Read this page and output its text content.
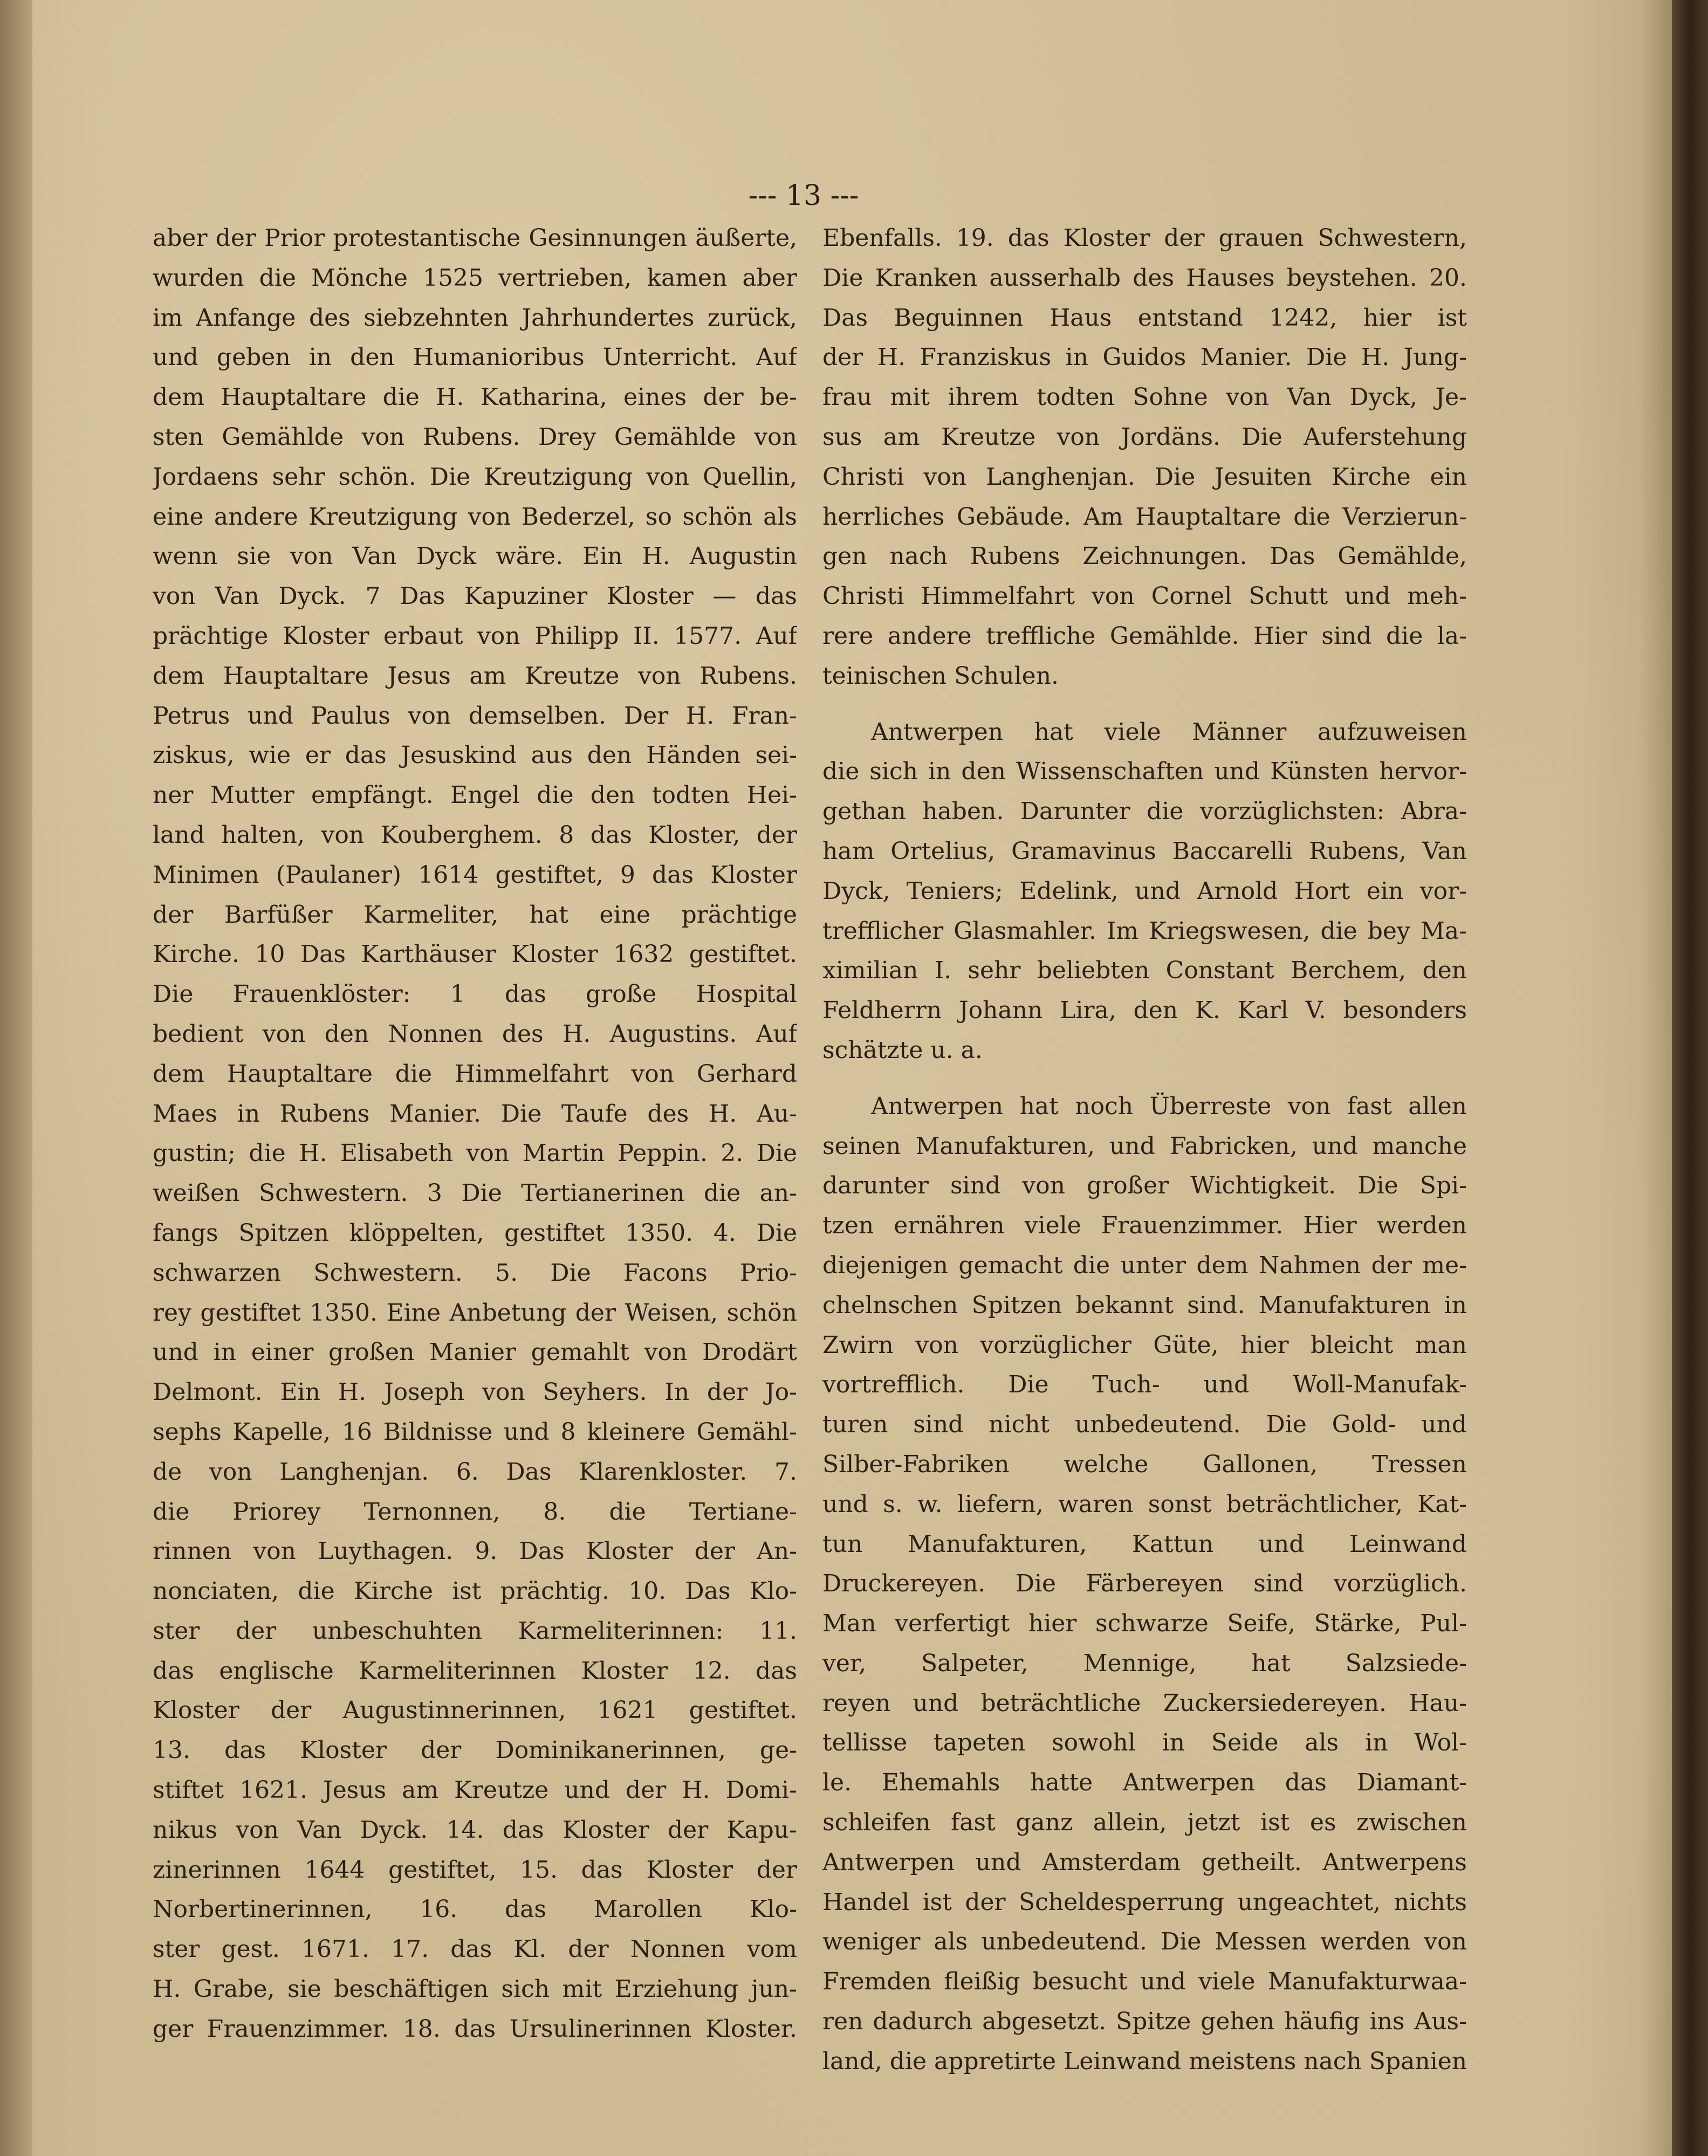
--- 13 ---
aber der Prior protestantische Gesinnungen äußerte,
wurden die Mönche 1525 vertrieben, kamen aber
im Anfange des siebzehnten Jahrhundertes zurück,
und geben in den Humanioribus Unterricht. Auf
dem Hauptaltare die H. Katharina, eines der be-
sten Gemählde von Rubens. Drey Gemählde von
Jordaens sehr schön. Die Kreutzigung von Quellin,
eine andere Kreutzigung von Bederzel, so schön als
wenn sie von Van Dyck wäre. Ein H. Augustin
von Van Dyck. 7 Das Kapuziner Kloster — das
prächtige Kloster erbaut von Philipp II. 1577. Auf
dem Hauptaltare Jesus am Kreutze von Rubens.
Petrus und Paulus von demselben. Der H. Fran-
ziskus, wie er das Jesuskind aus den Händen sei-
ner Mutter empfängt. Engel die den todten Hei-
land halten, von Kouberghem. 8 das Kloster, der
Minimen (Paulaner) 1614 gestiftet, 9 das Kloster
der Barfüßer Karmeliter, hat eine prächtige
Kirche. 10 Das Karthäuser Kloster 1632 gestiftet.
Die Frauenklöster: 1 das große Hospital
bedient von den Nonnen des H. Augustins. Auf
dem Hauptaltare die Himmelfahrt von Gerhard
Maes in Rubens Manier. Die Taufe des H. Au-
gustin; die H. Elisabeth von Martin Peppin. 2. Die
weißen Schwestern. 3 Die Tertianerinen die an-
fangs Spitzen klöppelten, gestiftet 1350. 4. Die
schwarzen Schwestern. 5. Die Facons Prio-
rey gestiftet 1350. Eine Anbetung der Weisen, schön
und in einer großen Manier gemahlt von Drodärt
Delmont. Ein H. Joseph von Seyhers. In der Jo-
sephs Kapelle, 16 Bildnisse und 8 kleinere Gemähl-
de von Langhenjan. 6. Das Klarenkloster. 7.
die Priorey Ternonnen, 8. die Tertiane-
rinnen von Luythagen. 9. Das Kloster der An-
nonciaten, die Kirche ist prächtig. 10. Das Klo-
ster der unbeschuhten Karmeliterinnen: 11.
das englische Karmeliterinnen Kloster 12. das
Kloster der Augustinnerinnen, 1621 gestiftet.
13. das Kloster der Dominikanerinnen, ge-
stiftet 1621. Jesus am Kreutze und der H. Domi-
nikus von Van Dyck. 14. das Kloster der Kapu-
zinerinnen 1644 gestiftet, 15. das Kloster der
Norbertinerinnen, 16. das Marollen Klo-
ster gest. 1671. 17. das Kl. der Nonnen vom
H. Grabe, sie beschäftigen sich mit Erziehung jun-
ger Frauenzimmer. 18. das Ursulinerinnen Kloster.
Ebenfalls. 19. das Kloster der grauen Schwestern,
Die Kranken ausserhalb des Hauses beystehen. 20.
Das Beguinnen Haus entstand 1242, hier ist
der H. Franziskus in Guidos Manier. Die H. Jung-
frau mit ihrem todten Sohne von Van Dyck, Je-
sus am Kreutze von Jordäns. Die Auferstehung
Christi von Langhenjan. Die Jesuiten Kirche ein
herrliches Gebäude. Am Hauptaltare die Verzierun-
gen nach Rubens Zeichnungen. Das Gemählde,
Christi Himmelfahrt von Cornel Schutt und meh-
rere andere treffliche Gemählde. Hier sind die la-
teinischen Schulen.
Antwerpen hat viele Männer aufzuweisen
die sich in den Wissenschaften und Künsten hervor-
gethan haben. Darunter die vorzüglichsten: Abra-
ham Ortelius, Gramavinus Baccarelli Rubens, Van
Dyck, Teniers; Edelink, und Arnold Hort ein vor-
trefflicher Glasmahler. Im Kriegswesen, die bey Ma-
ximilian I. sehr beliebten Constant Berchem, den
Feldherrn Johann Lira, den K. Karl V. besonders
schätzte u. a.
Antwerpen hat noch Überreste von fast allen
seinen Manufakturen, und Fabricken, und manche
darunter sind von großer Wichtigkeit. Die Spi-
tzen ernähren viele Frauenzimmer. Hier werden
diejenigen gemacht die unter dem Nahmen der me-
chelnschen Spitzen bekannt sind. Manufakturen in
Zwirn von vorzüglicher Güte, hier bleicht man
vortrefflich. Die Tuch- und Woll-Manufak-
turen sind nicht unbedeutend. Die Gold- und
Silber-Fabriken welche Gallonen, Tressen
und s. w. liefern, waren sonst beträchtlicher, Kat-
tun Manufakturen, Kattun und Leinwand
Druckereyen. Die Färbereyen sind vorzüglich.
Man verfertigt hier schwarze Seife, Stärke, Pul-
ver, Salpeter, Mennige, hat Salzsiede-
reyen und beträchtliche Zuckersiedereyen. Hau-
tellisse tapeten sowohl in Seide als in Wol-
le. Ehemahls hatte Antwerpen das Diamant-
schleifen fast ganz allein, jetzt ist es zwischen
Antwerpen und Amsterdam getheilt. Antwerpens
Handel ist der Scheldesperrung ungeachtet, nichts
weniger als unbedeutend. Die Messen werden von
Fremden fleißig besucht und viele Manufakturwaa-
ren dadurch abgesetzt. Spitze gehen häufig ins Aus-
land, die appretirte Leinwand meistens nach Spanien
